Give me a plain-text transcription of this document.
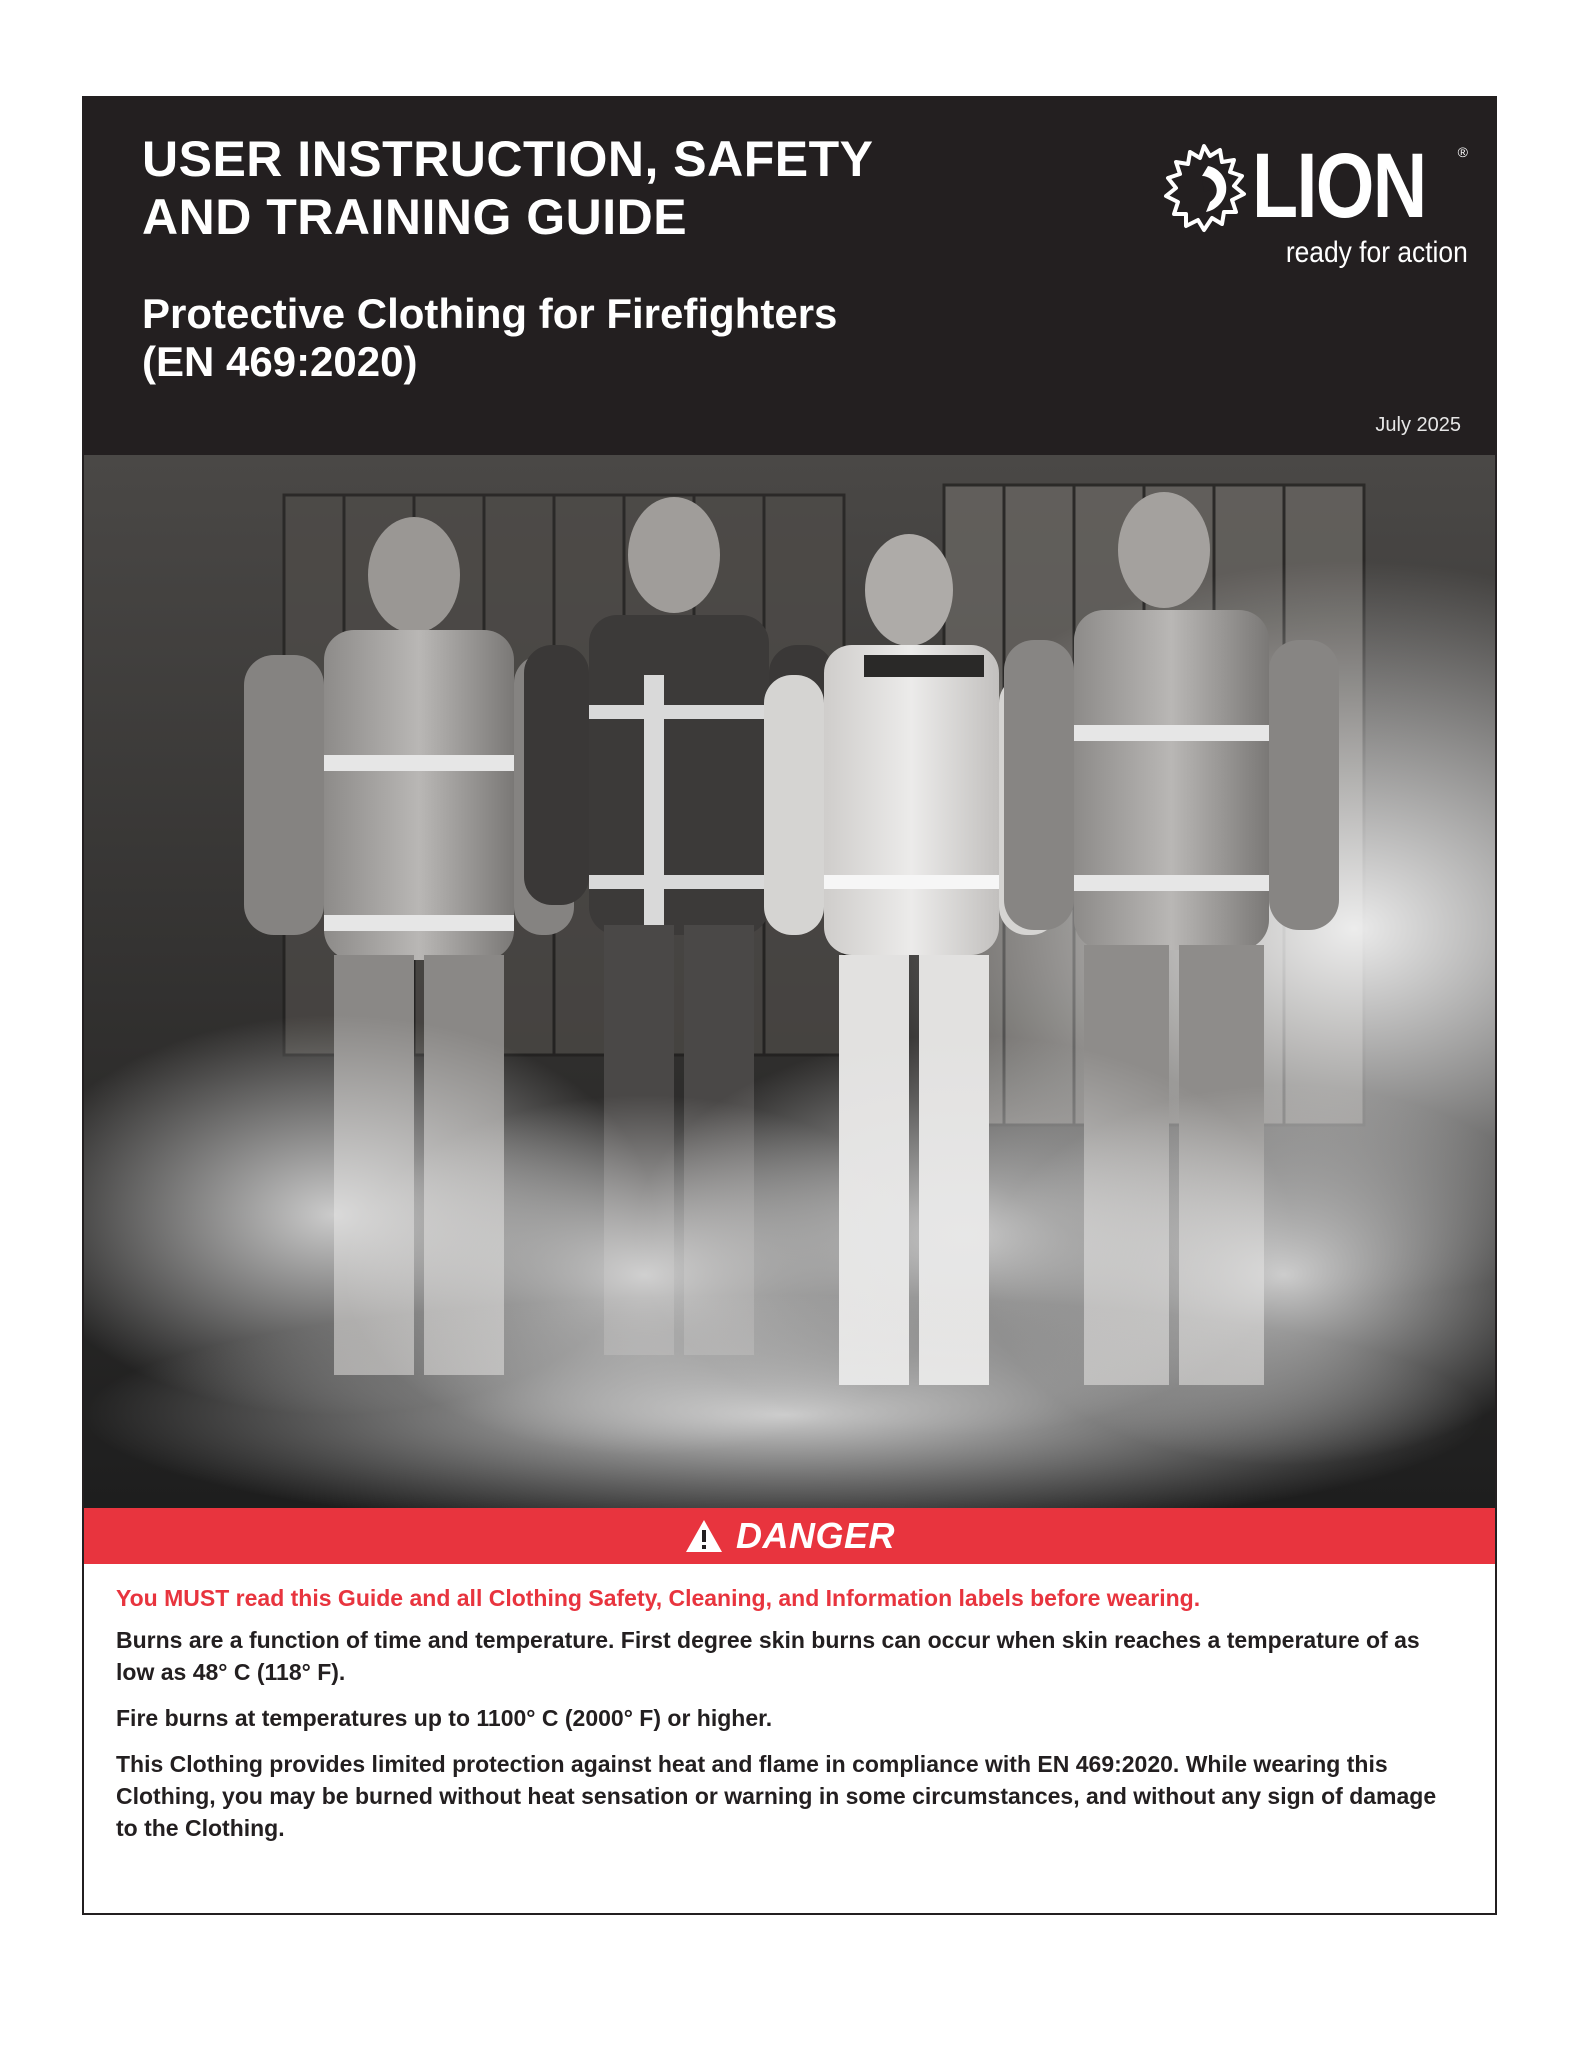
USER INSTRUCTION, SAFETY
AND TRAINING GUIDE
Protective Clothing for Firefighters
(EN 469:2020)
July 2025
LION ®
ready for action
DANGER

You MUST read this Guide and all Clothing Safety, Cleaning, and Information labels before wearing.

Burns are a function of time and temperature. First degree skin burns can occur when skin reaches a temperature of as low as 48° C (118° F).

Fire burns at temperatures up to 1100° C (2000° F) or higher.

This Clothing provides limited protection against heat and flame in compliance with EN 469:2020. While wearing this Clothing, you may be burned without heat sensation or warning in some circumstances, and without any sign of damage to the Clothing.
